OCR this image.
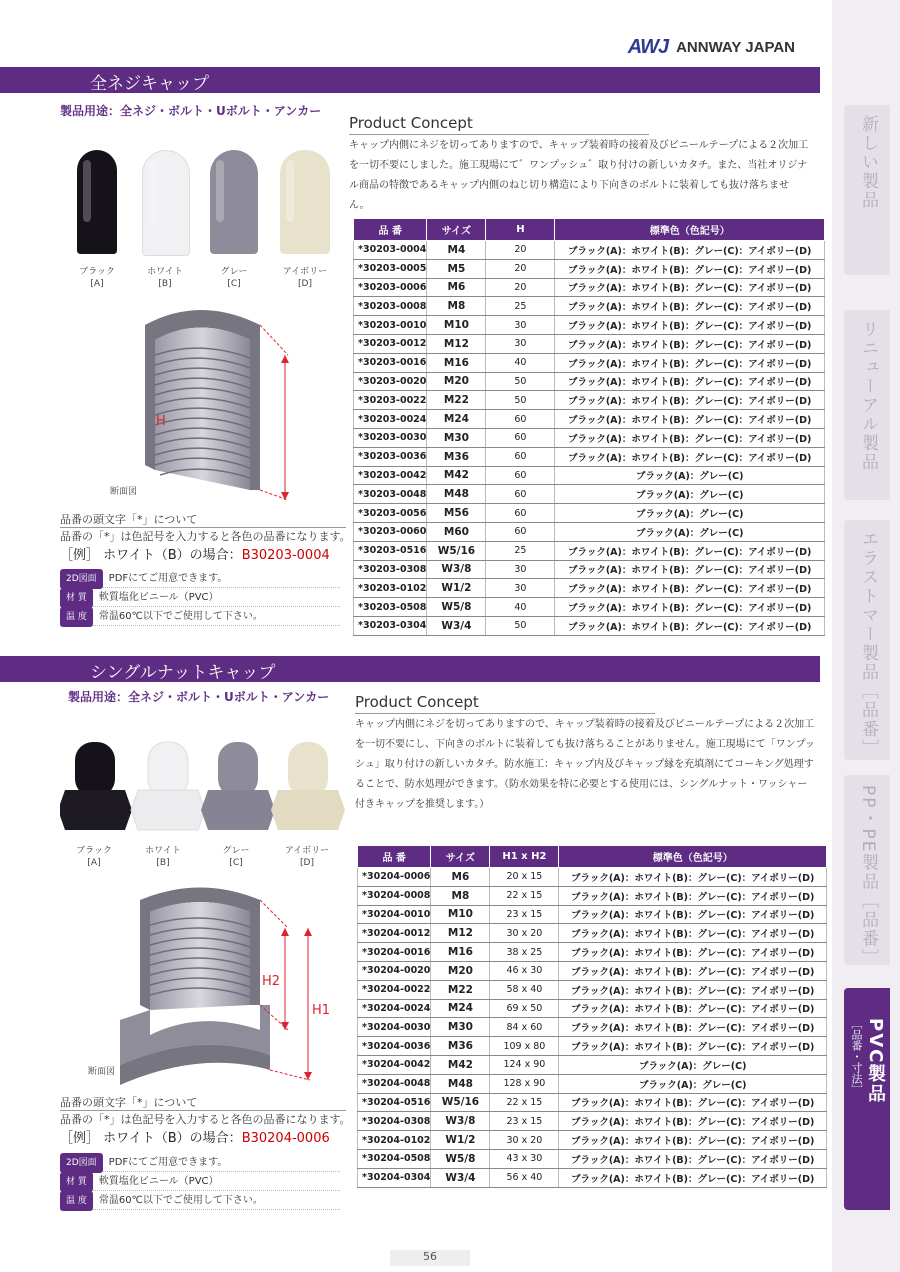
AWJ ANNWAY JAPAN
新しい製品
リニューアル製品
エラストマー製品［品番］
PP・PE製品［品番］
PVC製品
［品番・寸法］
全ネジキャップ
製品用途：全ネジ・ボルト・Uボルト・アンカー
ブラック
[A]
ホワイト
[B]
グレー
[C]
アイボリー
[D]
H
断面図
Product Concept
キャップ内側にネジを切ってありますので、キャップ装着時の接着及びビニールテープによる２次加工を一切不要にしました。施工現場にて゛ワンプッシュ゛取り付けの新しいカタチ。また、当社オリジナル商品の特徴であるキャップ内側のねじ切り構造により下向きのボルトに装着しても抜け落ちません。
品 番	サイズ	H	標準色（色記号）
*30203-0004	M4	20	ブラック(A)：ホワイト(B)：グレー(C)：アイボリー(D)
*30203-0005	M5	20	ブラック(A)：ホワイト(B)：グレー(C)：アイボリー(D)
*30203-0006	M6	20	ブラック(A)：ホワイト(B)：グレー(C)：アイボリー(D)
*30203-0008	M8	25	ブラック(A)：ホワイト(B)：グレー(C)：アイボリー(D)
*30203-0010	M10	30	ブラック(A)：ホワイト(B)：グレー(C)：アイボリー(D)
*30203-0012	M12	30	ブラック(A)：ホワイト(B)：グレー(C)：アイボリー(D)
*30203-0016	M16	40	ブラック(A)：ホワイト(B)：グレー(C)：アイボリー(D)
*30203-0020	M20	50	ブラック(A)：ホワイト(B)：グレー(C)：アイボリー(D)
*30203-0022	M22	50	ブラック(A)：ホワイト(B)：グレー(C)：アイボリー(D)
*30203-0024	M24	60	ブラック(A)：ホワイト(B)：グレー(C)：アイボリー(D)
*30203-0030	M30	60	ブラック(A)：ホワイト(B)：グレー(C)：アイボリー(D)
*30203-0036	M36	60	ブラック(A)：ホワイト(B)：グレー(C)：アイボリー(D)
*30203-0042	M42	60	ブラック(A)：グレー(C)
*30203-0048	M48	60	ブラック(A)：グレー(C)
*30203-0056	M56	60	ブラック(A)：グレー(C)
*30203-0060	M60	60	ブラック(A)：グレー(C)
*30203-0516	W5/16	25	ブラック(A)：ホワイト(B)：グレー(C)：アイボリー(D)
*30203-0308	W3/8	30	ブラック(A)：ホワイト(B)：グレー(C)：アイボリー(D)
*30203-0102	W1/2	30	ブラック(A)：ホワイト(B)：グレー(C)：アイボリー(D)
*30203-0508	W5/8	40	ブラック(A)：ホワイト(B)：グレー(C)：アイボリー(D)
*30203-0304	W3/4	50	ブラック(A)：ホワイト(B)：グレー(C)：アイボリー(D)
品番の頭文字「*」について
品番の「*」は色記号を入力すると各色の品番になります。
［例］ ホワイト（B）の場合：B30203-0004
2D図面 PDFにてご用意できます。
材 質 軟質塩化ビニール（PVC）
温 度 常温60℃以下でご使用して下さい。
シングルナットキャップ
製品用途：全ネジ・ボルト・Uボルト・アンカー
ブラック
[A]
ホワイト
[B]
グレー
[C]
アイボリー
[D]
H2
H1
断面図
Product Concept
キャップ内側にネジを切ってありますので、キャップ装着時の接着及びビニールテープによる２次加工を一切不要にし、下向きのボルトに装着しても抜け落ちることがありません。施工現場にて「ワンプッシュ」取り付けの新しいカタチ。防水施工：キャップ内及びキャップ縁を充填剤にてコーキング処理することで、防水処理ができます。（防水効果を特に必要とする使用には、シングルナット・ワッシャー付きキャップを推奨します。）
品 番	サイズ	H1 x H2	標準色（色記号）
*30204-0006	M6	20 x 15	ブラック(A)：ホワイト(B)：グレー(C)：アイボリー(D)
*30204-0008	M8	22 x 15	ブラック(A)：ホワイト(B)：グレー(C)：アイボリー(D)
*30204-0010	M10	23 x 15	ブラック(A)：ホワイト(B)：グレー(C)：アイボリー(D)
*30204-0012	M12	30 x 20	ブラック(A)：ホワイト(B)：グレー(C)：アイボリー(D)
*30204-0016	M16	38 x 25	ブラック(A)：ホワイト(B)：グレー(C)：アイボリー(D)
*30204-0020	M20	46 x 30	ブラック(A)：ホワイト(B)：グレー(C)：アイボリー(D)
*30204-0022	M22	58 x 40	ブラック(A)：ホワイト(B)：グレー(C)：アイボリー(D)
*30204-0024	M24	69 x 50	ブラック(A)：ホワイト(B)：グレー(C)：アイボリー(D)
*30204-0030	M30	84 x 60	ブラック(A)：ホワイト(B)：グレー(C)：アイボリー(D)
*30204-0036	M36	109 x 80	ブラック(A)：ホワイト(B)：グレー(C)：アイボリー(D)
*30204-0042	M42	124 x 90	ブラック(A)：グレー(C)
*30204-0048	M48	128 x 90	ブラック(A)：グレー(C)
*30204-0516	W5/16	22 x 15	ブラック(A)：ホワイト(B)：グレー(C)：アイボリー(D)
*30204-0308	W3/8	23 x 15	ブラック(A)：ホワイト(B)：グレー(C)：アイボリー(D)
*30204-0102	W1/2	30 x 20	ブラック(A)：ホワイト(B)：グレー(C)：アイボリー(D)
*30204-0508	W5/8	43 x 30	ブラック(A)：ホワイト(B)：グレー(C)：アイボリー(D)
*30204-0304	W3/4	56 x 40	ブラック(A)：ホワイト(B)：グレー(C)：アイボリー(D)
品番の頭文字「*」について
品番の「*」は色記号を入力すると各色の品番になります。
［例］ ホワイト（B）の場合：B30204-0006
2D図面 PDFにてご用意できます。
材 質 軟質塩化ビニール（PVC）
温 度 常温60℃以下でご使用して下さい。
56
